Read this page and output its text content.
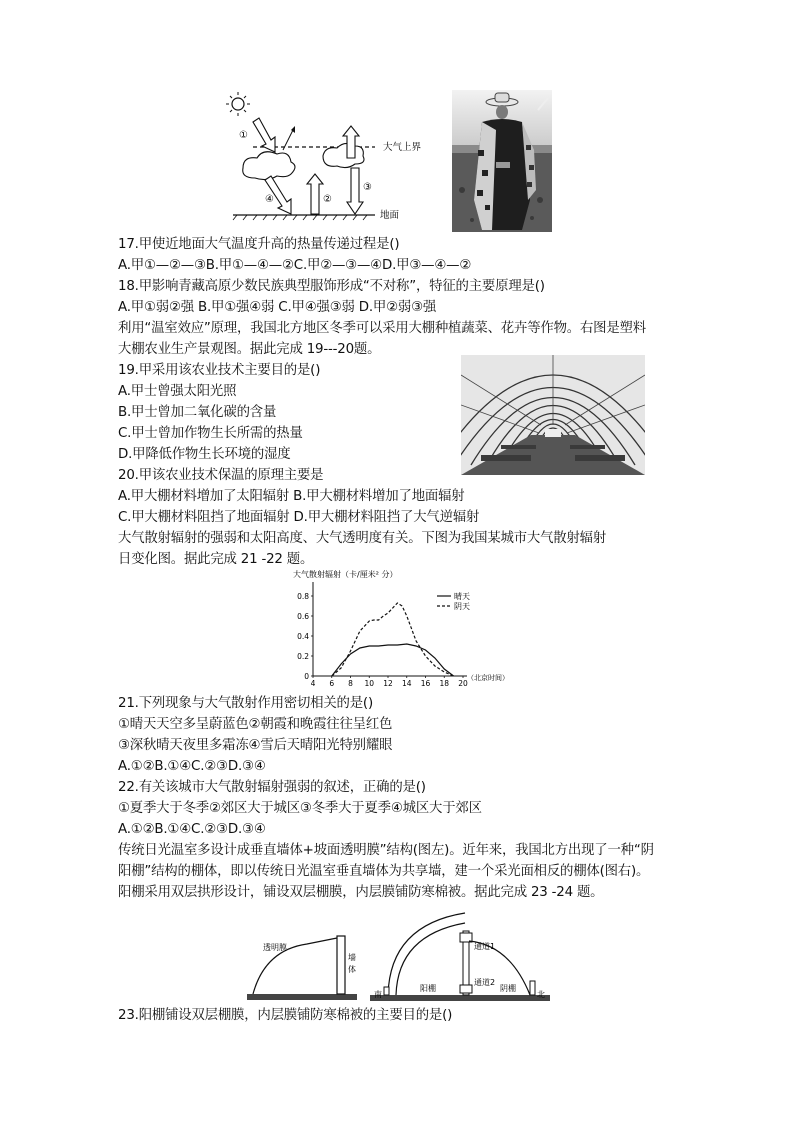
大气上界
①
④	②
③
地面
17.甲使近地面大气温度升高的热量传递过程是()
A.甲①—②—③B.甲①—④—②C.甲②—③—④D.甲③—④—②
18.甲影响青藏高原少数民族典型服饰形成“不对称”，特征的主要原理是()
A.甲①弱②强 B.甲①强④弱 C.甲④强③弱 D.甲②弱③强
利用“温室效应”原理，我国北方地区冬季可以采用大棚种植蔬菜、花卉等作物。右图是塑料
大棚农业生产景观图。据此完成 19---20题。
19.甲采用该农业技术主要目的是()
A.甲士曾强太阳光照
B.甲士曾加二氧化碳的含量
C.甲士曾加作物生长所需的热量
D.甲降低作物生长环境的湿度
20.甲该农业技术保温的原理主要是
A.甲大棚材料增加了太阳辐射 B.甲大棚材料增加了地面辐射
C.甲大棚材料阻挡了地面辐射 D.甲大棚材料阻挡了大气逆辐射
大气散射辐射的强弱和太阳高度、大气透明度有关。下图为我国某城市大气散射辐射
日变化图。据此完成 21 -22 题。
大气散射辐射（卡/厘米² 分）
4 6 8 10 12 14 16 18 20
0
0.2
0.4
0.6
0.8
（北京时间）
晴天
阴天
21.下列现象与大气散射作用密切相关的是()
①晴天天空多呈蔚蓝色②朝霞和晚霞往往呈红色
③深秋晴天夜里多霜冻④雪后天晴阳光特别耀眼
A.①②B.①④C.②③D.③④
22.有关该城市大气散射辐射强弱的叙述，正确的是()
①夏季大于冬季②郊区大于城区③冬季大于夏季④城区大于郊区
A.①②B.①④C.②③D.③④
传统日光温室多设计成垂直墙体+坡面透明膜”结构(图左)。近年来，我国北方出现了一种“阴
阳棚”结构的棚体，即以传统日光温室垂直墙体为共享墙，建一个采光面相反的棚体(图右)。
阳棚采用双层拱形设计，铺设双层棚膜，内层膜铺防寒棉被。据此完成 23 -24 题。
透明膜
墙
体
南	北
阳棚	阴棚
通道1
通道2
23.阳棚铺设双层棚膜，内层膜铺防寒棉被的主要目的是()
